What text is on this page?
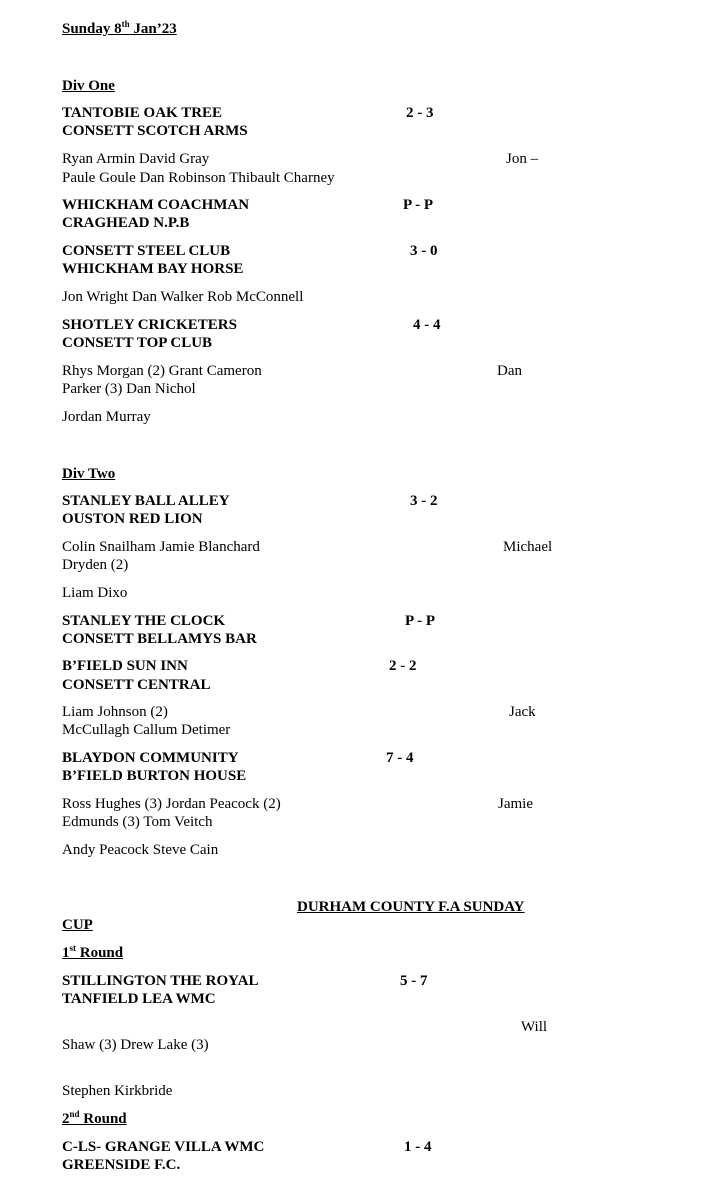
Sunday 8th Jan’23
Div One
TANTOBIE OAK TREE	2 - 3
CONSETT SCOTCH ARMS
Ryan Armin David Gray	Jon –
Paule Goule Dan Robinson Thibault Charney
WHICKHAM COACHMAN	P - P
CRAGHEAD N.P.B
CONSETT STEEL CLUB	3 - 0
WHICKHAM BAY HORSE
Jon Wright Dan Walker Rob McConnell
SHOTLEY CRICKETERS	4 - 4
CONSETT TOP CLUB
Rhys Morgan (2) Grant Cameron	Dan
Parker (3) Dan Nichol
Jordan Murray
Div Two
STANLEY BALL ALLEY	3 - 2
OUSTON RED LION
Colin Snailham Jamie Blanchard	Michael
Dryden (2)
Liam Dixo
STANLEY THE CLOCK	P - P
CONSETT BELLAMYS BAR
B’FIELD SUN INN	2 - 2
CONSETT CENTRAL
Liam Johnson (2)	Jack
McCullagh Callum Detimer
BLAYDON COMMUNITY	7 - 4
B’FIELD BURTON HOUSE
Ross Hughes (3) Jordan Peacock (2)	Jamie
Edmunds (3) Tom Veitch
Andy Peacock Steve Cain
DURHAM COUNTY F.A SUNDAY
CUP
1st Round
STILLINGTON THE ROYAL	5 - 7
TANFIELD LEA WMC
Will
Shaw (3) Drew Lake (3)
Stephen Kirkbride
2nd Round
C-LS- GRANGE VILLA WMC	1 - 4
GREENSIDE F.C.
